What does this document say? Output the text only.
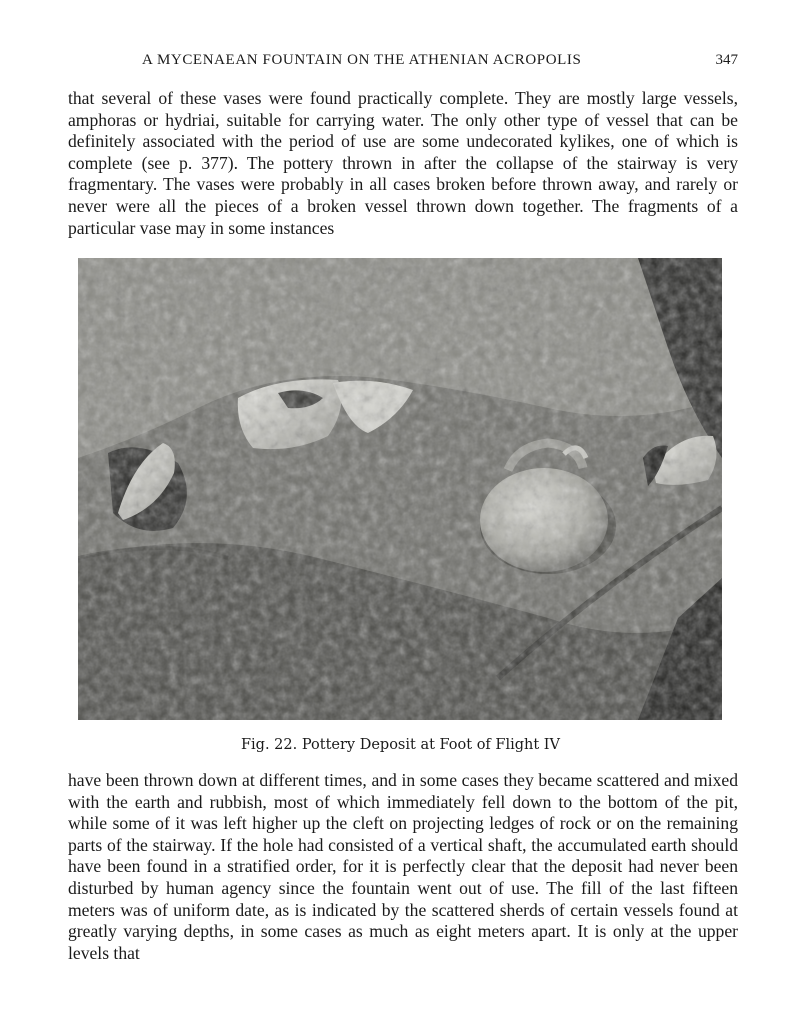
A MYCENAEAN FOUNTAIN ON THE ATHENIAN ACROPOLIS	347

that several of these vases were found practically complete. They are mostly large vessels, amphoras or hydriai, suitable for carrying water. The only other type of vessel that can be definitely associated with the period of use are some undecorated kylikes, one of which is complete (see p. 377). The pottery thrown in after the collapse of the stairway is very fragmentary. The vases were probably in all cases broken before thrown away, and rarely or never were all the pieces of a broken vessel thrown down together. The fragments of a particular vase may in some instances

Fig. 22. Pottery Deposit at Foot of Flight IV

have been thrown down at different times, and in some cases they became scattered and mixed with the earth and rubbish, most of which immediately fell down to the bottom of the pit, while some of it was left higher up the cleft on projecting ledges of rock or on the remaining parts of the stairway. If the hole had consisted of a vertical shaft, the accumulated earth should have been found in a stratified order, for it is perfectly clear that the deposit had never been disturbed by human agency since the fountain went out of use. The fill of the last fifteen meters was of uniform date, as is indicated by the scattered sherds of certain vessels found at greatly varying depths, in some cases as much as eight meters apart. It is only at the upper levels that
